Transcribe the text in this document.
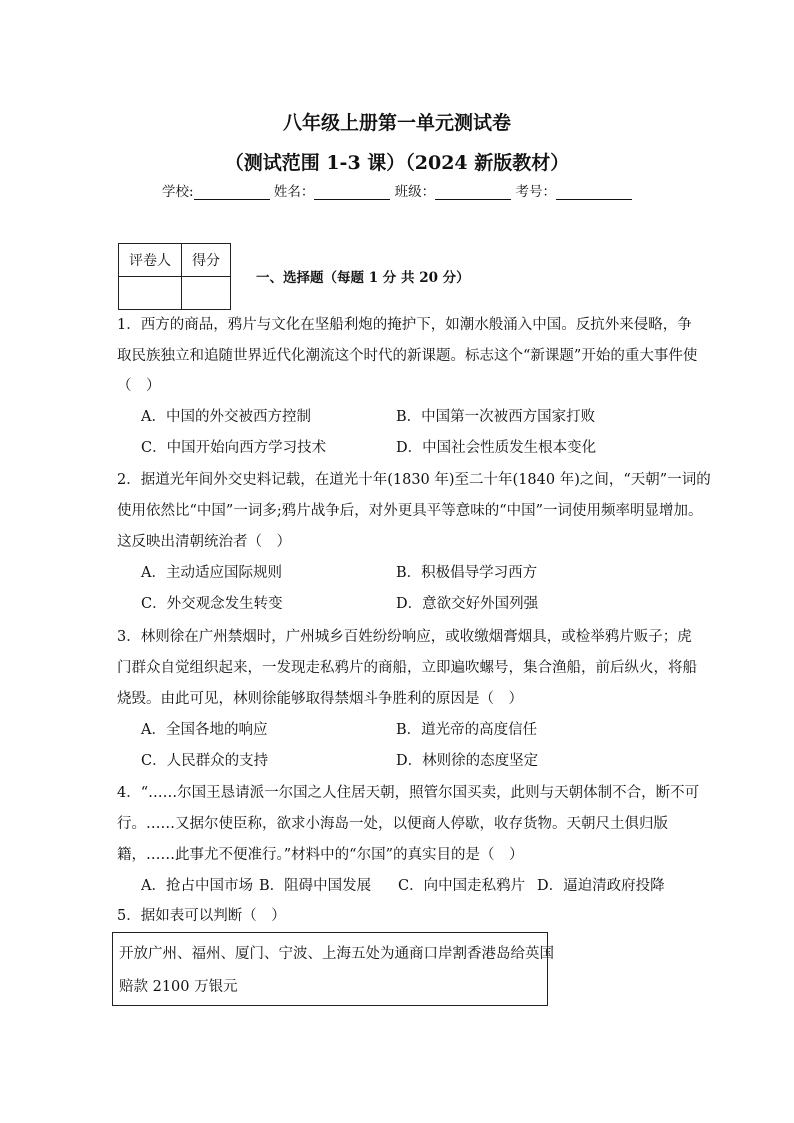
八年级上册第一单元测试卷
（测试范围 1-3 课）（2024 新版教材）
学校:	姓名：	班级：	考号：
评卷人	得分

一、选择题（每题 1 分 共 20 分）
1．西方的商品，鸦片与文化在坚船利炮的掩护下，如潮水般涌入中国。反抗外来侵略，争
取民族独立和追随世界近代化潮流这个时代的新课题。标志这个“新课题”开始的重大事件使
（　）
A．中国的外交被西方控制	B．中国第一次被西方国家打败
C．中国开始向西方学习技术	D．中国社会性质发生根本变化
2．据道光年间外交史料记载，在道光十年(1830 年)至二十年(1840 年)之间，“天朝”一词的
使用依然比“中国”一词多;鸦片战争后，对外更具平等意味的“中国”一词使用频率明显增加。
这反映出清朝统治者（　）
A．主动适应国际规则	B．积极倡导学习西方
C．外交观念发生转变	D．意欲交好外国列强
3．林则徐在广州禁烟时，广州城乡百姓纷纷响应，或收缴烟膏烟具，或检举鸦片贩子；虎
门群众自觉组织起来，一发现走私鸦片的商船，立即遍吹螺号，集合渔船，前后纵火，将船
烧毁。由此可见，林则徐能够取得禁烟斗争胜利的原因是（　）
A．全国各地的响应	B．道光帝的高度信任
C．人民群众的支持	D．林则徐的态度坚定
4．“……尔国王恳请派一尔国之人住居天朝，照管尔国买卖，此则与天朝体制不合，断不可
行。……又据尔使臣称，欲求小海岛一处，以便商人停歇，收存货物。天朝尺土俱归版
籍，……此事尤不便准行。”材料中的“尔国”的真实目的是（　）
A．抢占中国市场 B．阻碍中国发展 C．向中国走私鸦片 D．逼迫清政府投降
5．据如表可以判断（　）
开放广州、福州、厦门、宁波、上海五处为通商口岸割香港岛给英国
赔款 2100 万银元
